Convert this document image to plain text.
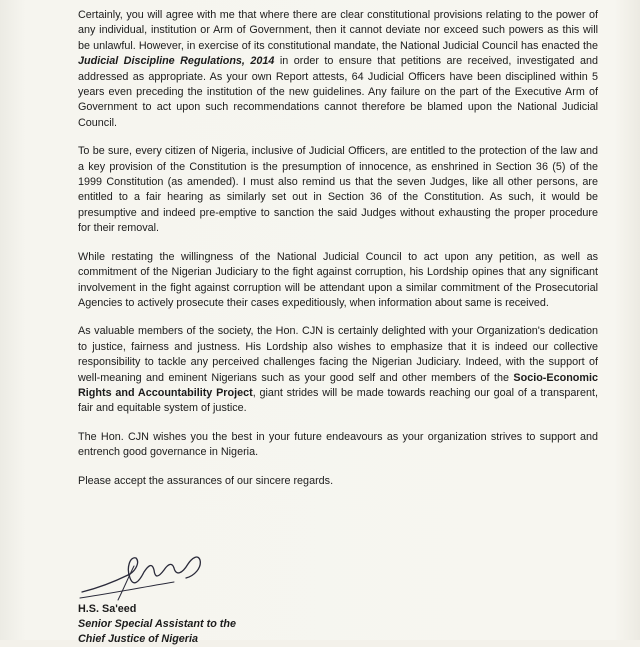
Certainly, you will agree with me that where there are clear constitutional provisions relating to the power of any individual, institution or Arm of Government, then it cannot deviate nor exceed such powers as this will be unlawful. However, in exercise of its constitutional mandate, the National Judicial Council has enacted the Judicial Discipline Regulations, 2014 in order to ensure that petitions are received, investigated and addressed as appropriate. As your own Report attests, 64 Judicial Officers have been disciplined within 5 years even preceding the institution of the new guidelines. Any failure on the part of the Executive Arm of Government to act upon such recommendations cannot therefore be blamed upon the National Judicial Council.

To be sure, every citizen of Nigeria, inclusive of Judicial Officers, are entitled to the protection of the law and a key provision of the Constitution is the presumption of innocence, as enshrined in Section 36 (5) of the 1999 Constitution (as amended). I must also remind us that the seven Judges, like all other persons, are entitled to a fair hearing as similarly set out in Section 36 of the Constitution. As such, it would be presumptive and indeed pre-emptive to sanction the said Judges without exhausting the proper procedure for their removal.

While restating the willingness of the National Judicial Council to act upon any petition, as well as commitment of the Nigerian Judiciary to the fight against corruption, his Lordship opines that any significant involvement in the fight against corruption will be attendant upon a similar commitment of the Prosecutorial Agencies to actively prosecute their cases expeditiously, when information about same is received.

As valuable members of the society, the Hon. CJN is certainly delighted with your Organization's dedication to justice, fairness and justness. His Lordship also wishes to emphasize that it is indeed our collective responsibility to tackle any perceived challenges facing the Nigerian Judiciary. Indeed, with the support of well-meaning and eminent Nigerians such as your good self and other members of the Socio-Economic Rights and Accountability Project, giant strides will be made towards reaching our goal of a transparent, fair and equitable system of justice.

The Hon. CJN wishes you the best in your future endeavours as your organization strives to support and entrench good governance in Nigeria.

Please accept the assurances of our sincere regards.

H.S. Sa'eed
Senior Special Assistant to the
Chief Justice of Nigeria
